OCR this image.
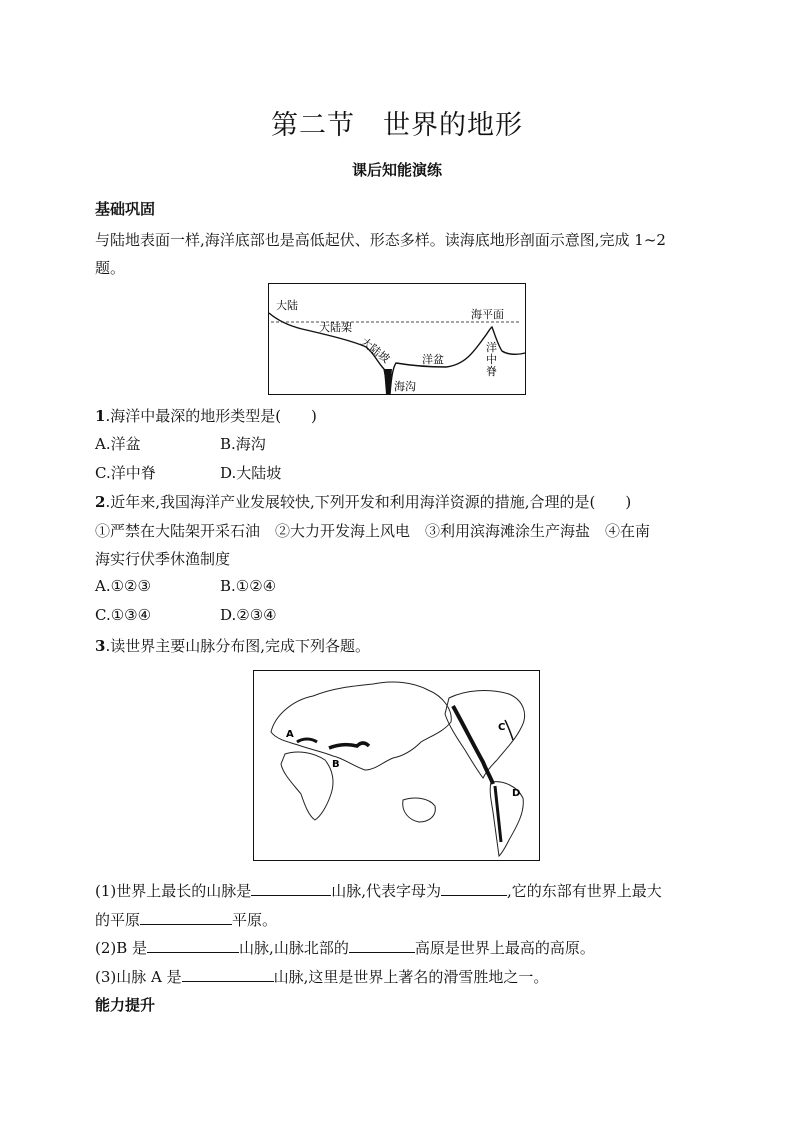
第二节　世界的地形
课后知能演练
基础巩固
与陆地表面一样,海洋底部也是高低起伏、形态多样。读海底地形剖面示意图,完成 1~2
题。
大陆
海平面
大陆架
大陆坡	洋盆
洋
中
脊
海沟
1.海洋中最深的地形类型是(　　)
A.洋盆	B.海沟
C.洋中脊	D.大陆坡
2.近年来,我国海洋产业发展较快,下列开发和利用海洋资源的措施,合理的是(　　)
①严禁在大陆架开采石油　②大力开发海上风电　③利用滨海滩涂生产海盐　④在南
海实行伏季休渔制度
A.①②③	B.①②④
C.①③④	D.②③④
3.读世界主要山脉分布图,完成下列各题。
A
B
C
D
(1)世界上最长的山脉是	山脉,代表字母为	,它的东部有世界上最大
的平原	平原。
(2)B 是	山脉,山脉北部的	高原是世界上最高的高原。
(3)山脉 A 是	山脉,这里是世界上著名的滑雪胜地之一。
能力提升
